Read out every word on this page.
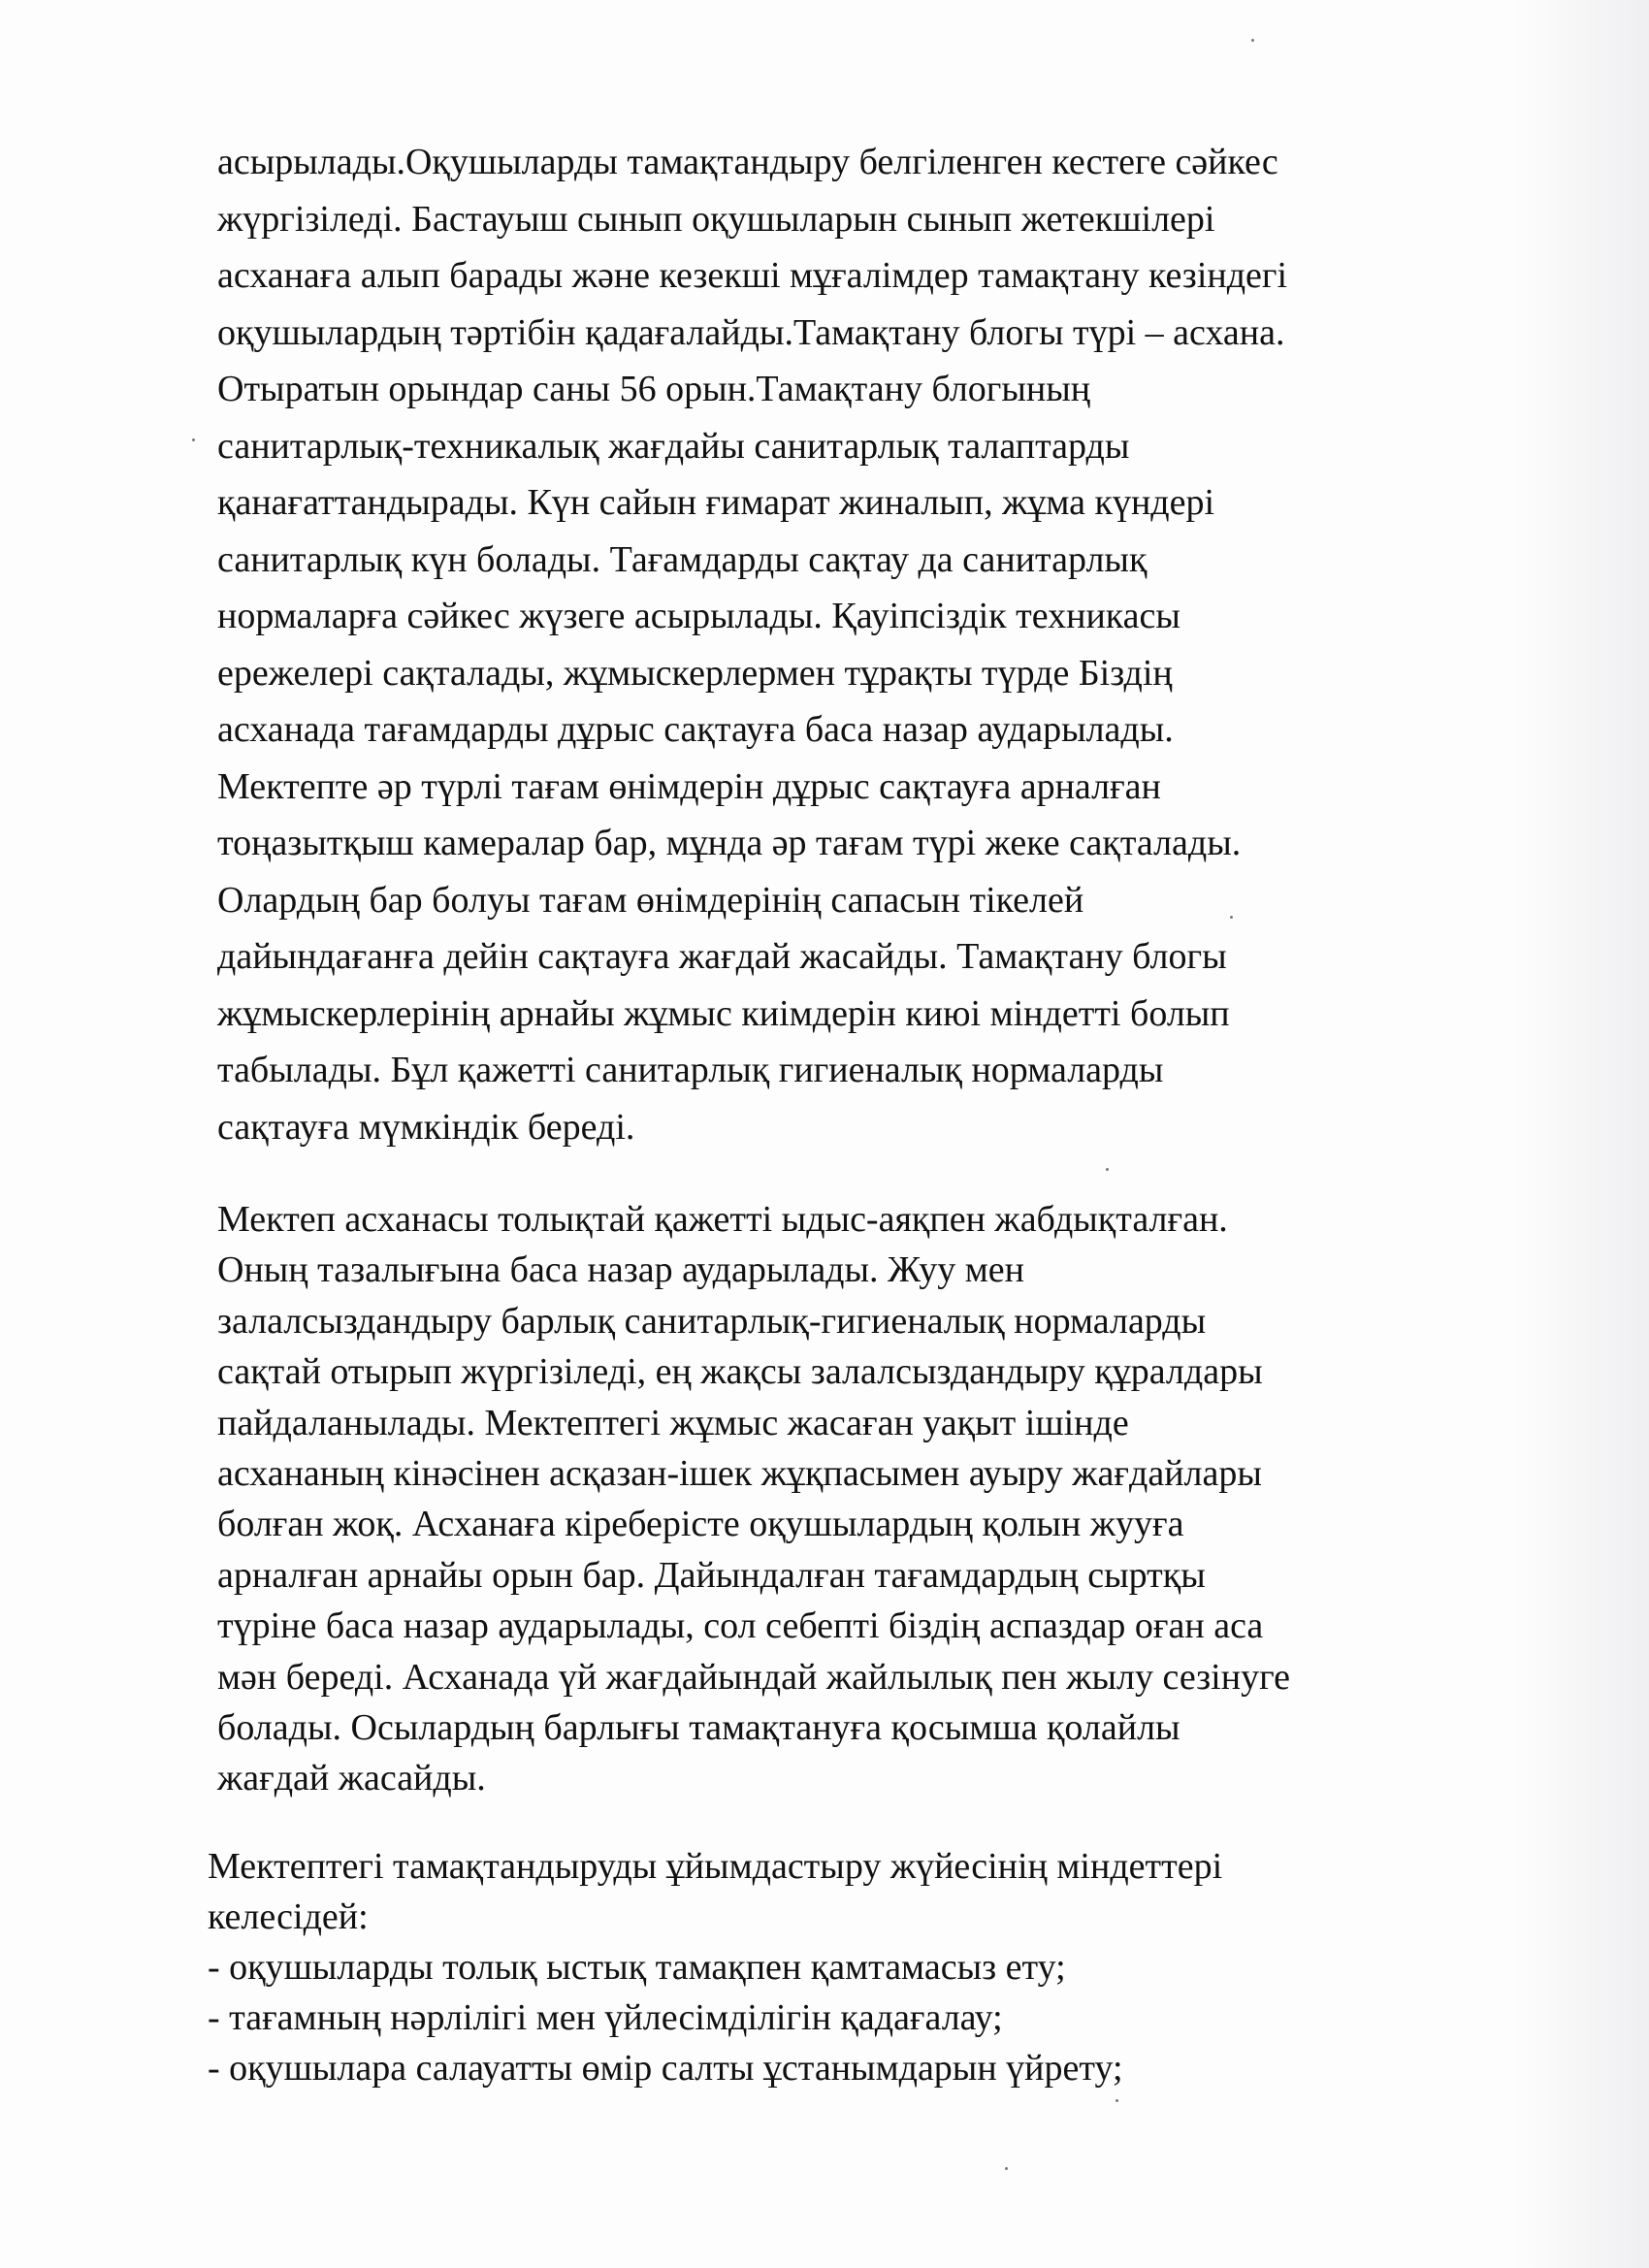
асырылады.Оқушыларды тамақтандыру белгіленген кестеге сәйкес
жүргізіледі. Бастауыш сынып оқушыларын сынып жетекшілері
асханаға алып барады және кезекші мұғалімдер тамақтану кезіндегі
оқушылардың тәртібін қадағалайды.Тамақтану блогы түрі – асхана.
Отыратын орындар саны 56 орын.Тамақтану блогының
санитарлық-техникалық жағдайы санитарлық талаптарды
қанағаттандырады. Күн сайын ғимарат жиналып, жұма күндері
санитарлық күн болады. Тағамдарды сақтау да санитарлық
нормаларға сәйкес жүзеге асырылады. Қауіпсіздік техникасы
ережелері сақталады, жұмыскерлермен тұрақты түрде Біздің
асханада тағамдарды дұрыс сақтауға баса назар аударылады.
Мектепте әр түрлі тағам өнімдерін дұрыс сақтауға арналған
тоңазытқыш камералар бар, мұнда әр тағам түрі жеке сақталады.
Олардың бар болуы тағам өнімдерінің сапасын тікелей
дайындағанға дейін сақтауға жағдай жасайды. Тамақтану блогы
жұмыскерлерінің арнайы жұмыс киімдерін киюі міндетті болып
табылады. Бұл қажетті санитарлық гигиеналық нормаларды
сақтауға мүмкіндік береді.
Мектеп асханасы толықтай қажетті ыдыс-аяқпен жабдықталған.
Оның тазалығына баса назар аударылады. Жуу мен
залалсыздандыру барлық санитарлық-гигиеналық нормаларды
сақтай отырып жүргізіледі, ең жақсы залалсыздандыру құралдары
пайдаланылады. Мектептегі жұмыс жасаған уақыт ішінде
асхананың кінәсінен асқазан-ішек жұқпасымен ауыру жағдайлары
болған жоқ. Асханаға кіреберісте оқушылардың қолын жууға
арналған арнайы орын бар. Дайындалған тағамдардың сыртқы
түріне баса назар аударылады, сол себепті біздің аспаздар оған аса
мән береді. Асханада үй жағдайындай жайлылық пен жылу сезінуге
болады. Осылардың барлығы тамақтануға қосымша қолайлы
жағдай жасайды.
Мектептегі тамақтандыруды ұйымдастыру жүйесінің міндеттері
келесідей:
- оқушыларды толық ыстық тамақпен қамтамасыз ету;
- тағамның нәрлілігі мен үйлесімділігін қадағалау;
- оқушылара салауатты өмір салты ұстанымдарын үйрету;
